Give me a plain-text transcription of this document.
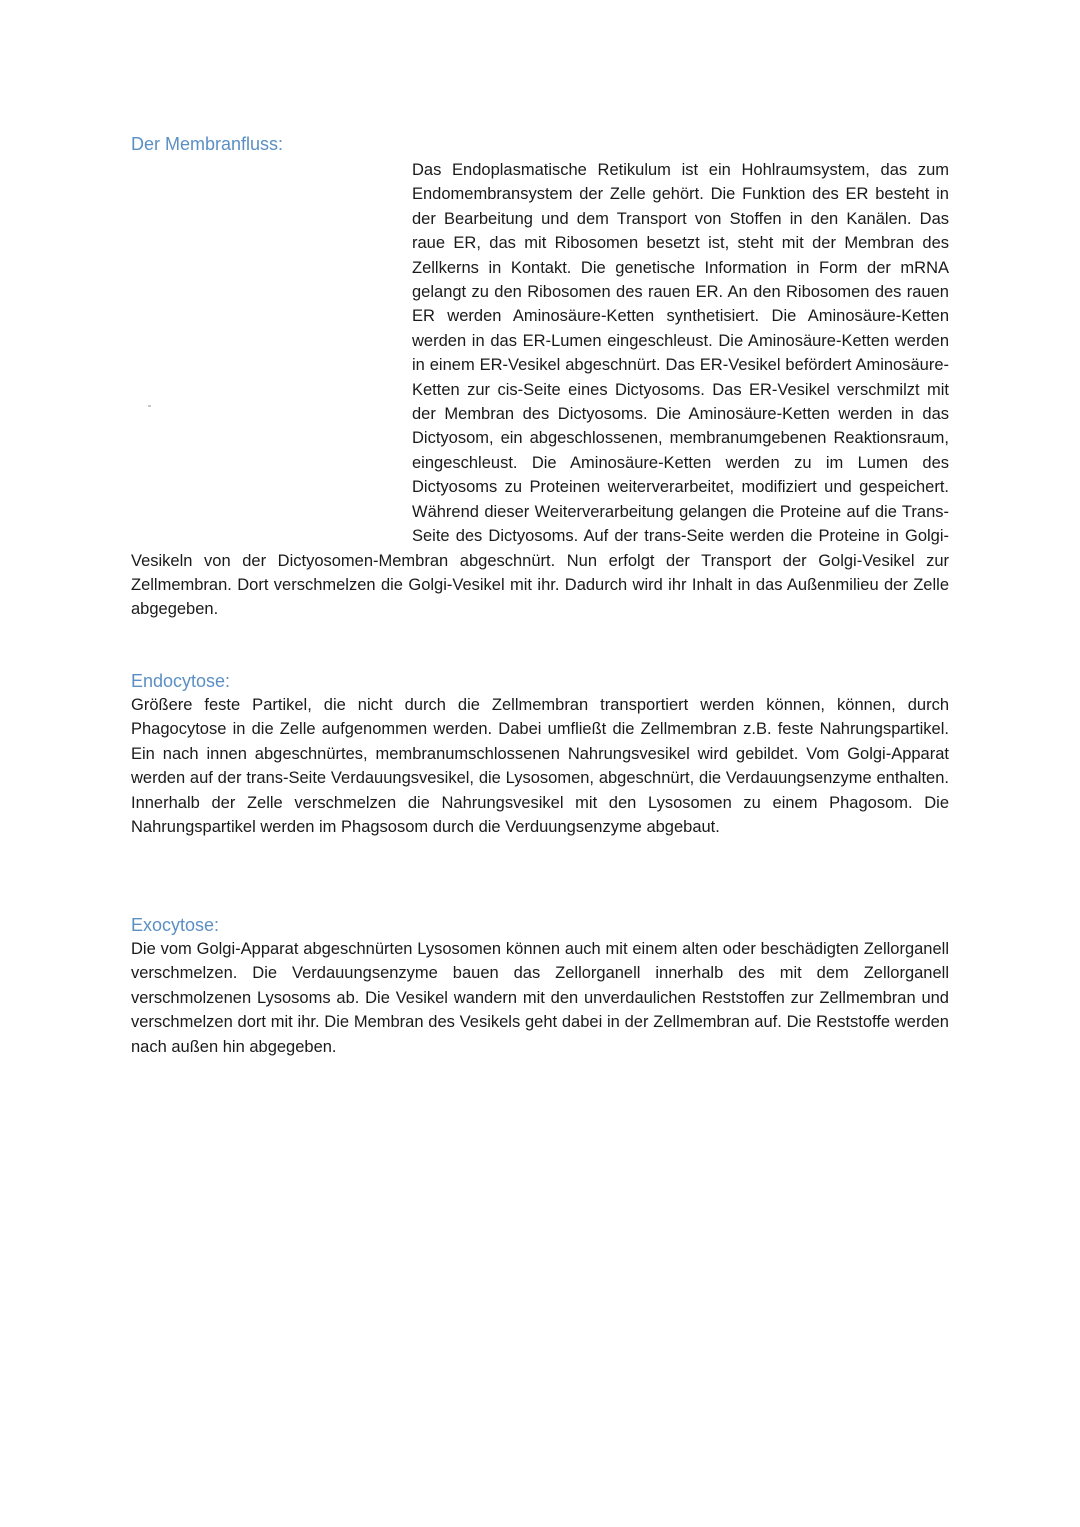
Der Membranfluss:

Das Endoplasmatische Retikulum ist ein Hohlraumsystem, das zum Endomembransystem der Zelle gehört. Die Funktion des ER besteht in der Bearbeitung und dem Transport von Stoffen in den Kanälen. Das raue ER, das mit Ribosomen besetzt ist, steht mit der Membran des Zellkerns in Kontakt. Die genetische Information in Form der mRNA gelangt zu den Ribosomen des rauen ER. An den Ribosomen des rauen ER werden Aminosäure-Ketten synthetisiert. Die Aminosäure-Ketten werden in das ER-Lumen eingeschleust. Die Aminosäure-Ketten werden in einem ER-Vesikel abgeschnürt. Das ER-Vesikel befördert Aminosäure-Ketten zur cis-Seite eines Dictyosoms. Das ER-Vesikel verschmilzt mit der Membran des Dictyosoms. Die Aminosäure-Ketten werden in das Dictyosom, ein abgeschlossenen, membranumgebenen Reaktionsraum, eingeschleust. Die Aminosäure-Ketten werden zu im Lumen des Dictyosoms zu Proteinen weiterverarbeitet, modifiziert und gespeichert. Während dieser Weiterverarbeitung gelangen die Proteine auf die Trans-Seite des Dictyosoms. Auf der trans-Seite werden die Proteine in Golgi-Vesikeln von der Dictyosomen-Membran abgeschnürt. Nun erfolgt der Transport der Golgi-Vesikel zur Zellmembran. Dort verschmelzen die Golgi-Vesikel mit ihr. Dadurch wird ihr Inhalt in das Außenmilieu der Zelle abgegeben.

Endocytose:

Größere feste Partikel, die nicht durch die Zellmembran transportiert werden können, können, durch Phagocytose in die Zelle aufgenommen werden. Dabei umfließt die Zellmembran z.B. feste Nahrungspartikel. Ein nach innen abgeschnürtes, membranumschlossenen Nahrungsvesikel wird gebildet. Vom Golgi-Apparat werden auf der trans-Seite Verdauungsvesikel, die Lysosomen, abgeschnürt, die Verdauungsenzyme enthalten. Innerhalb der Zelle verschmelzen die Nahrungsvesikel mit den Lysosomen zu einem Phagosom. Die Nahrungspartikel werden im Phagsosom durch die Verduungsenzyme abgebaut.

Exocytose:

Die vom Golgi-Apparat abgeschnürten Lysosomen können auch mit einem alten oder beschädigten Zellorganell verschmelzen. Die Verdauungsenzyme bauen das Zellorganell innerhalb des mit dem Zellorganell verschmolzenen Lysosoms ab. Die Vesikel wandern mit den unverdaulichen Reststoffen zur Zellmembran und verschmelzen dort mit ihr. Die Membran des Vesikels geht dabei in der Zellmembran auf. Die Reststoffe werden nach außen hin abgegeben.
